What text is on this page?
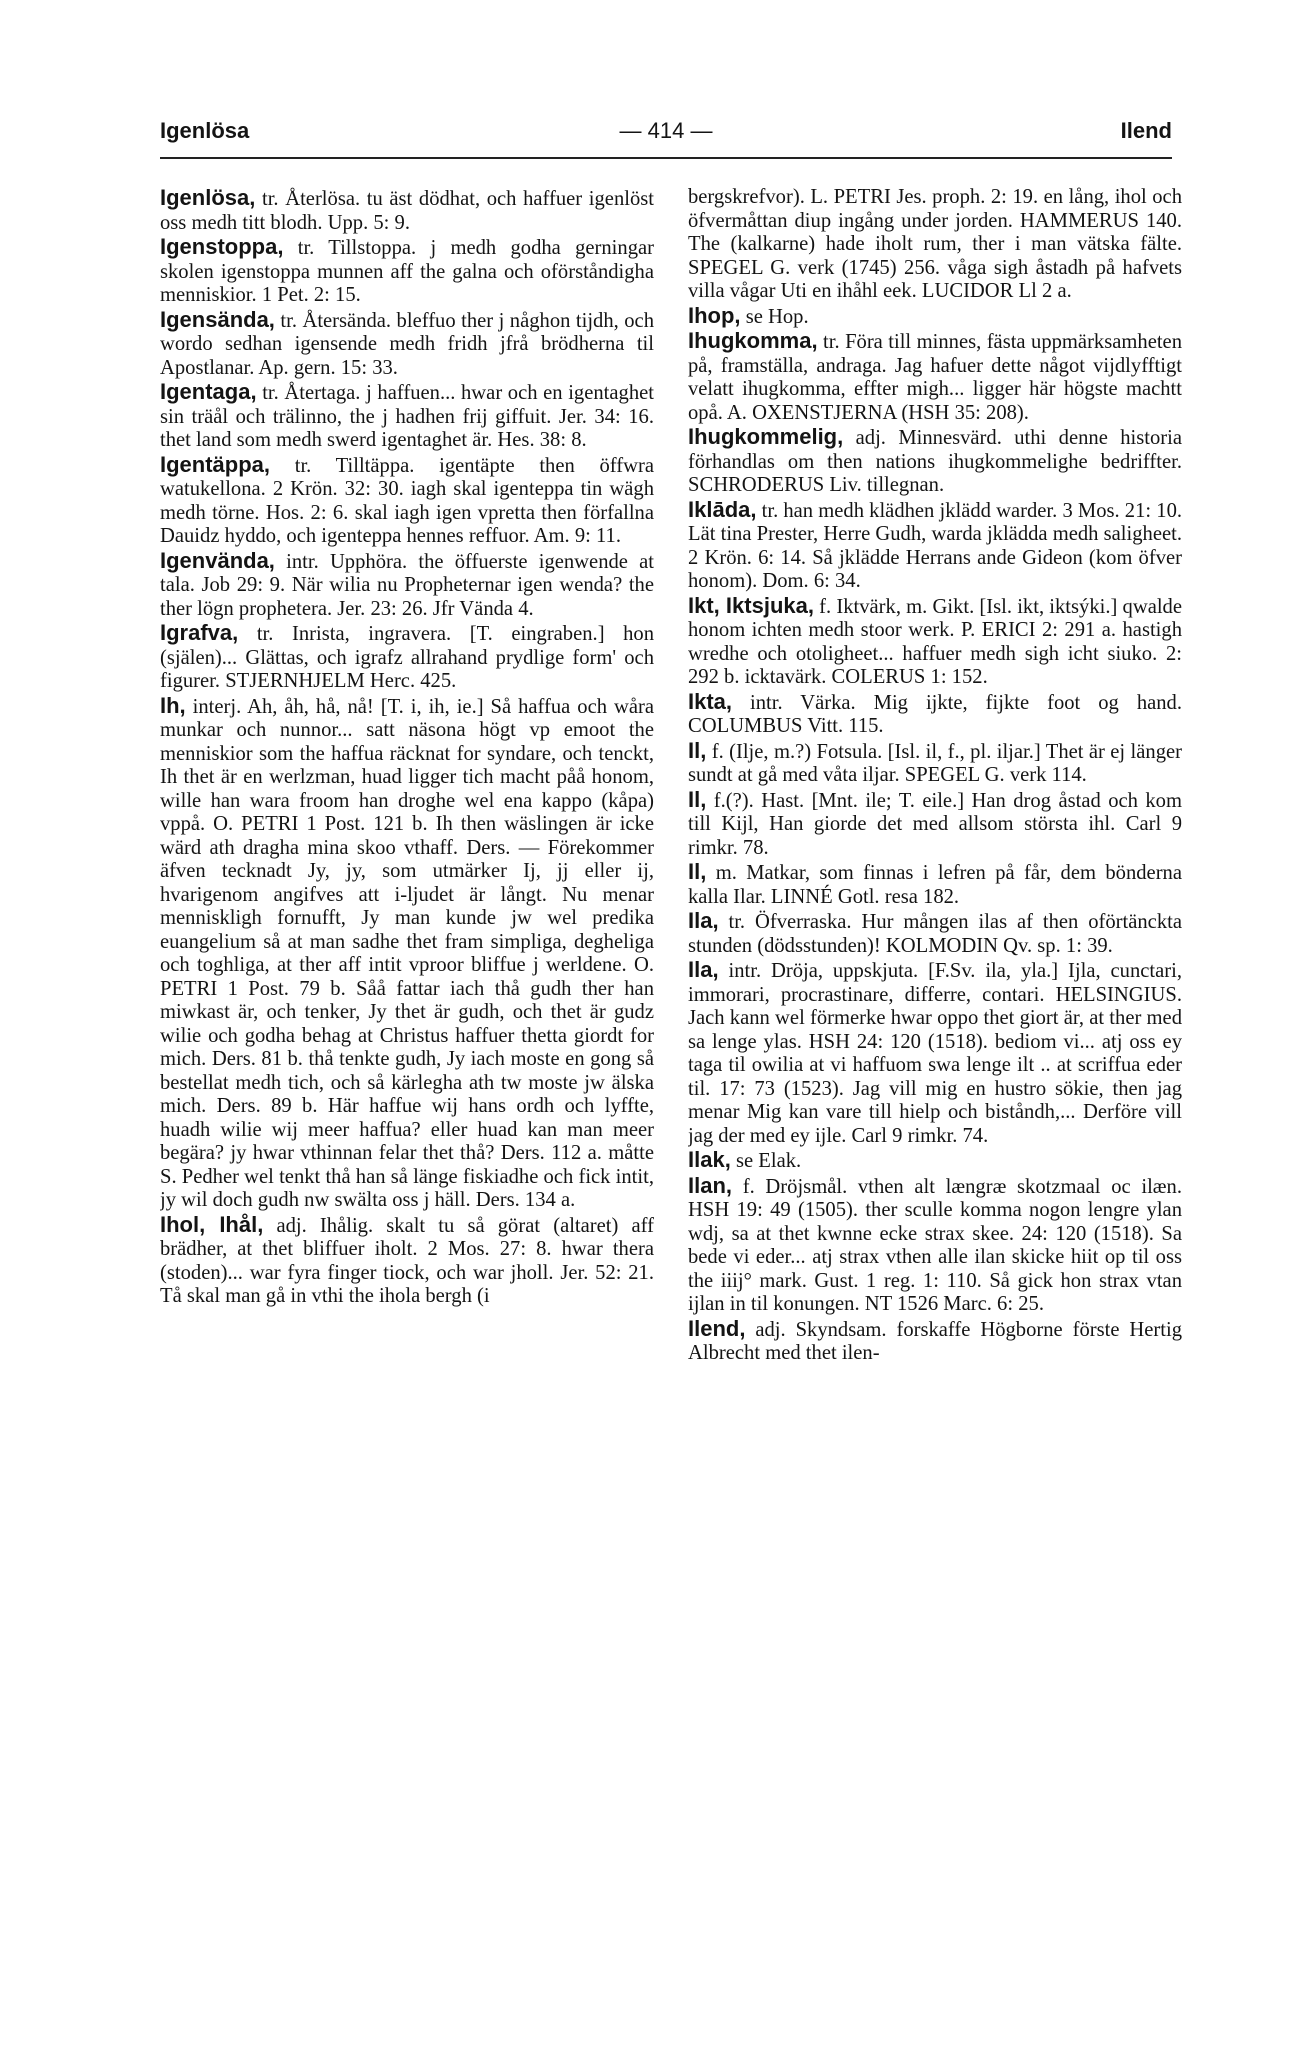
Igenlösa	— 414 —	Ilend

Igenlösa, tr. Återlösa. tu äst dödhat, och haffuer igenlöst oss medh titt blodh. Upp. 5: 9.

Igenstoppa, tr. Tillstoppa. j medh godha gerningar skolen igenstoppa munnen aff the galna och oförståndigha menniskior. 1 Pet. 2: 15.

Igensända, tr. Återsända. bleffuo ther j någhon tijdh, och wordo sedhan igensende medh fridh jfrå brödherna til Apostlanar. Ap. gern. 15: 33.

Igentaga, tr. Återtaga. j haffuen... hwar och en igentaghet sin träål och trälinno, the j hadhen frij giffuit. Jer. 34: 16. thet land som medh swerd igentaghet är. Hes. 38: 8.

Igentäppa, tr. Tilltäppa. igentäpte then öffwra watukellona. 2 Krön. 32: 30. iagh skal igenteppa tin wägh medh törne. Hos. 2: 6. skal iagh igen vpretta then förfallna Dauidz hyddo, och igenteppa hennes reffuor. Am. 9: 11.

Igenvända, intr. Upphöra. the öffuerste igenwende at tala. Job 29: 9. När wilia nu Propheternar igen wenda? the ther lögn prophetera. Jer. 23: 26. Jfr Vända 4.

Igrafva, tr. Inrista, ingravera. [T. eingraben.] hon (själen)... Glättas, och igrafz allrahand prydlige form' och figurer. STJERNHJELM Herc. 425.

Ih, interj. Ah, åh, hå, nå! [T. i, ih, ie.] Så haffua och wåra munkar och nunnor... satt näsona högt vp emoot the menniskior som the haffua räcknat for syndare, och tenckt, Ih thet är en werlzman, huad ligger tich macht påå honom, wille han wara froom han droghe wel ena kappo (kåpa) vppå. O. PETRI 1 Post. 121 b. Ih then wäslingen är icke wärd ath dragha mina skoo vthaff. Ders. — Förekommer äfven tecknadt Jy, jy, som utmärker Ij, jj eller ij, hvarigenom angifves att i-ljudet är långt. Nu menar menniskligh fornufft, Jy man kunde jw wel predika euangelium så at man sadhe thet fram simpliga, degheliga och toghliga, at ther aff intit vproor bliffue j werldene. O. PETRI 1 Post. 79 b. Såå fattar iach thå gudh ther han miwkast är, och tenker, Jy thet är gudh, och thet är gudz wilie och godha behag at Christus haffuer thetta giordt for mich. Ders. 81 b. thå tenkte gudh, Jy iach moste en gong så bestellat medh tich, och så kärlegha ath tw moste jw älska mich. Ders. 89 b. Här haffue wij hans ordh och lyffte, huadh wilie wij meer haffua? eller huad kan man meer begära? jy hwar vthinnan felar thet thå? Ders. 112 a. måtte S. Pedher wel tenkt thå han så länge fiskiadhe och fick intit, jy wil doch gudh nw swälta oss j häll. Ders. 134 a.

Ihol, Ihål, adj. Ihålig. skalt tu så görat (altaret) aff brädher, at thet bliffuer iholt. 2 Mos. 27: 8. hwar thera (stoden)... war fyra finger tiock, och war jholl. Jer. 52: 21. Tå skal man gå in vthi the ihola bergh (i

bergskrefvor). L. PETRI Jes. proph. 2: 19. en lång, ihol och öfvermåttan diup ingång under jorden. HAMMERUS 140. The (kalkarne) hade iholt rum, ther i man vätska fälte. SPEGEL G. verk (1745) 256. våga sigh åstadh på hafvets villa vågar Uti en ihåhl eek. LUCIDOR Ll 2 a.

Ihop, se Hop.

Ihugkomma, tr. Föra till minnes, fästa uppmärksamheten på, framställa, andraga. Jag hafuer dette något vijdlyfftigt velatt ihugkomma, effter migh... ligger här högste machtt opå. A. OXENSTJERNA (HSH 35: 208).

Ihugkommelig, adj. Minnesvärd. uthi denne historia förhandlas om then nations ihugkommelighe bedriffter. SCHRODERUS Liv. tillegnan.

Iklāda, tr. han medh klädhen jklädd warder. 3 Mos. 21: 10. Lät tina Prester, Herre Gudh, warda jklädda medh salighеet. 2 Krön. 6: 14. Så jklädde Herrans ande Gideon (kom öfver honom). Dom. 6: 34.

Ikt, Iktsjuka, f. Iktvärk, m. Gikt. [Isl. ikt, iktsýki.] qwalde honom ichten medh stoor werk. P. ERICI 2: 291 a. hastigh wredhe och otoligheet... haffuer medh sigh icht siuko. 2: 292 b. icktavärk. COLERUS 1: 152.

Ikta, intr. Värka. Mig ijkte, fijkte foot og hand. COLUMBUS Vitt. 115.

Il, f. (Ilje, m.?) Fotsula. [Isl. il, f., pl. iljar.] Thet är ej länger sundt at gå med våta iljar. SPEGEL G. verk 114.

Il, f.(?). Hast. [Mnt. ile; T. eile.] Han drog åstad och kom till Kijl, Han giorde det med allsom största ihl. Carl 9 rimkr. 78.

Il, m. Matkar, som finnas i lefren på får, dem bönderna kalla Ilar. LINNÉ Gotl. resa 182.

Ila, tr. Öfverraska. Hur mången ilas af then oförtänckta stunden (dödsstunden)! KOLMODIN Qv. sp. 1: 39.

Ila, intr. Dröja, uppskjuta. [F.Sv. ila, yla.] Ijla, cunctari, immorari, procrastinare, differre, contari. HELSINGIUS. Jach kann wel förmerke hwar oppo thet giort är, at ther med sa lenge ylas. HSH 24: 120 (1518). bediom vi... atj oss ey taga til owilia at vi haffuom swa lenge ilt .. at scriffua eder til. 17: 73 (1523). Jag vill mig en hustro sökie, then jag menar Mig kan vare till hielp och biståndh,... Derföre vill jag der med ey ijle. Carl 9 rimkr. 74.

Ilak, se Elak.

Ilan, f. Dröjsmål. vthen alt længræ skotzmaal oc ilæn. HSH 19: 49 (1505). ther sculle komma nogon lengre ylan wdj, sa at thet kwnne ecke strax skee. 24: 120 (1518). Sa bede vi eder... atj strax vthen alle ilan skicke hiit op til oss the iiij° mark. Gust. 1 reg. 1: 110. Så gick hon strax vtan ijlan in til konungen. NT 1526 Marc. 6: 25.

Ilend, adj. Skyndsam. forskaffe Högborne förste Hertig Albrecht med thet ilen-
